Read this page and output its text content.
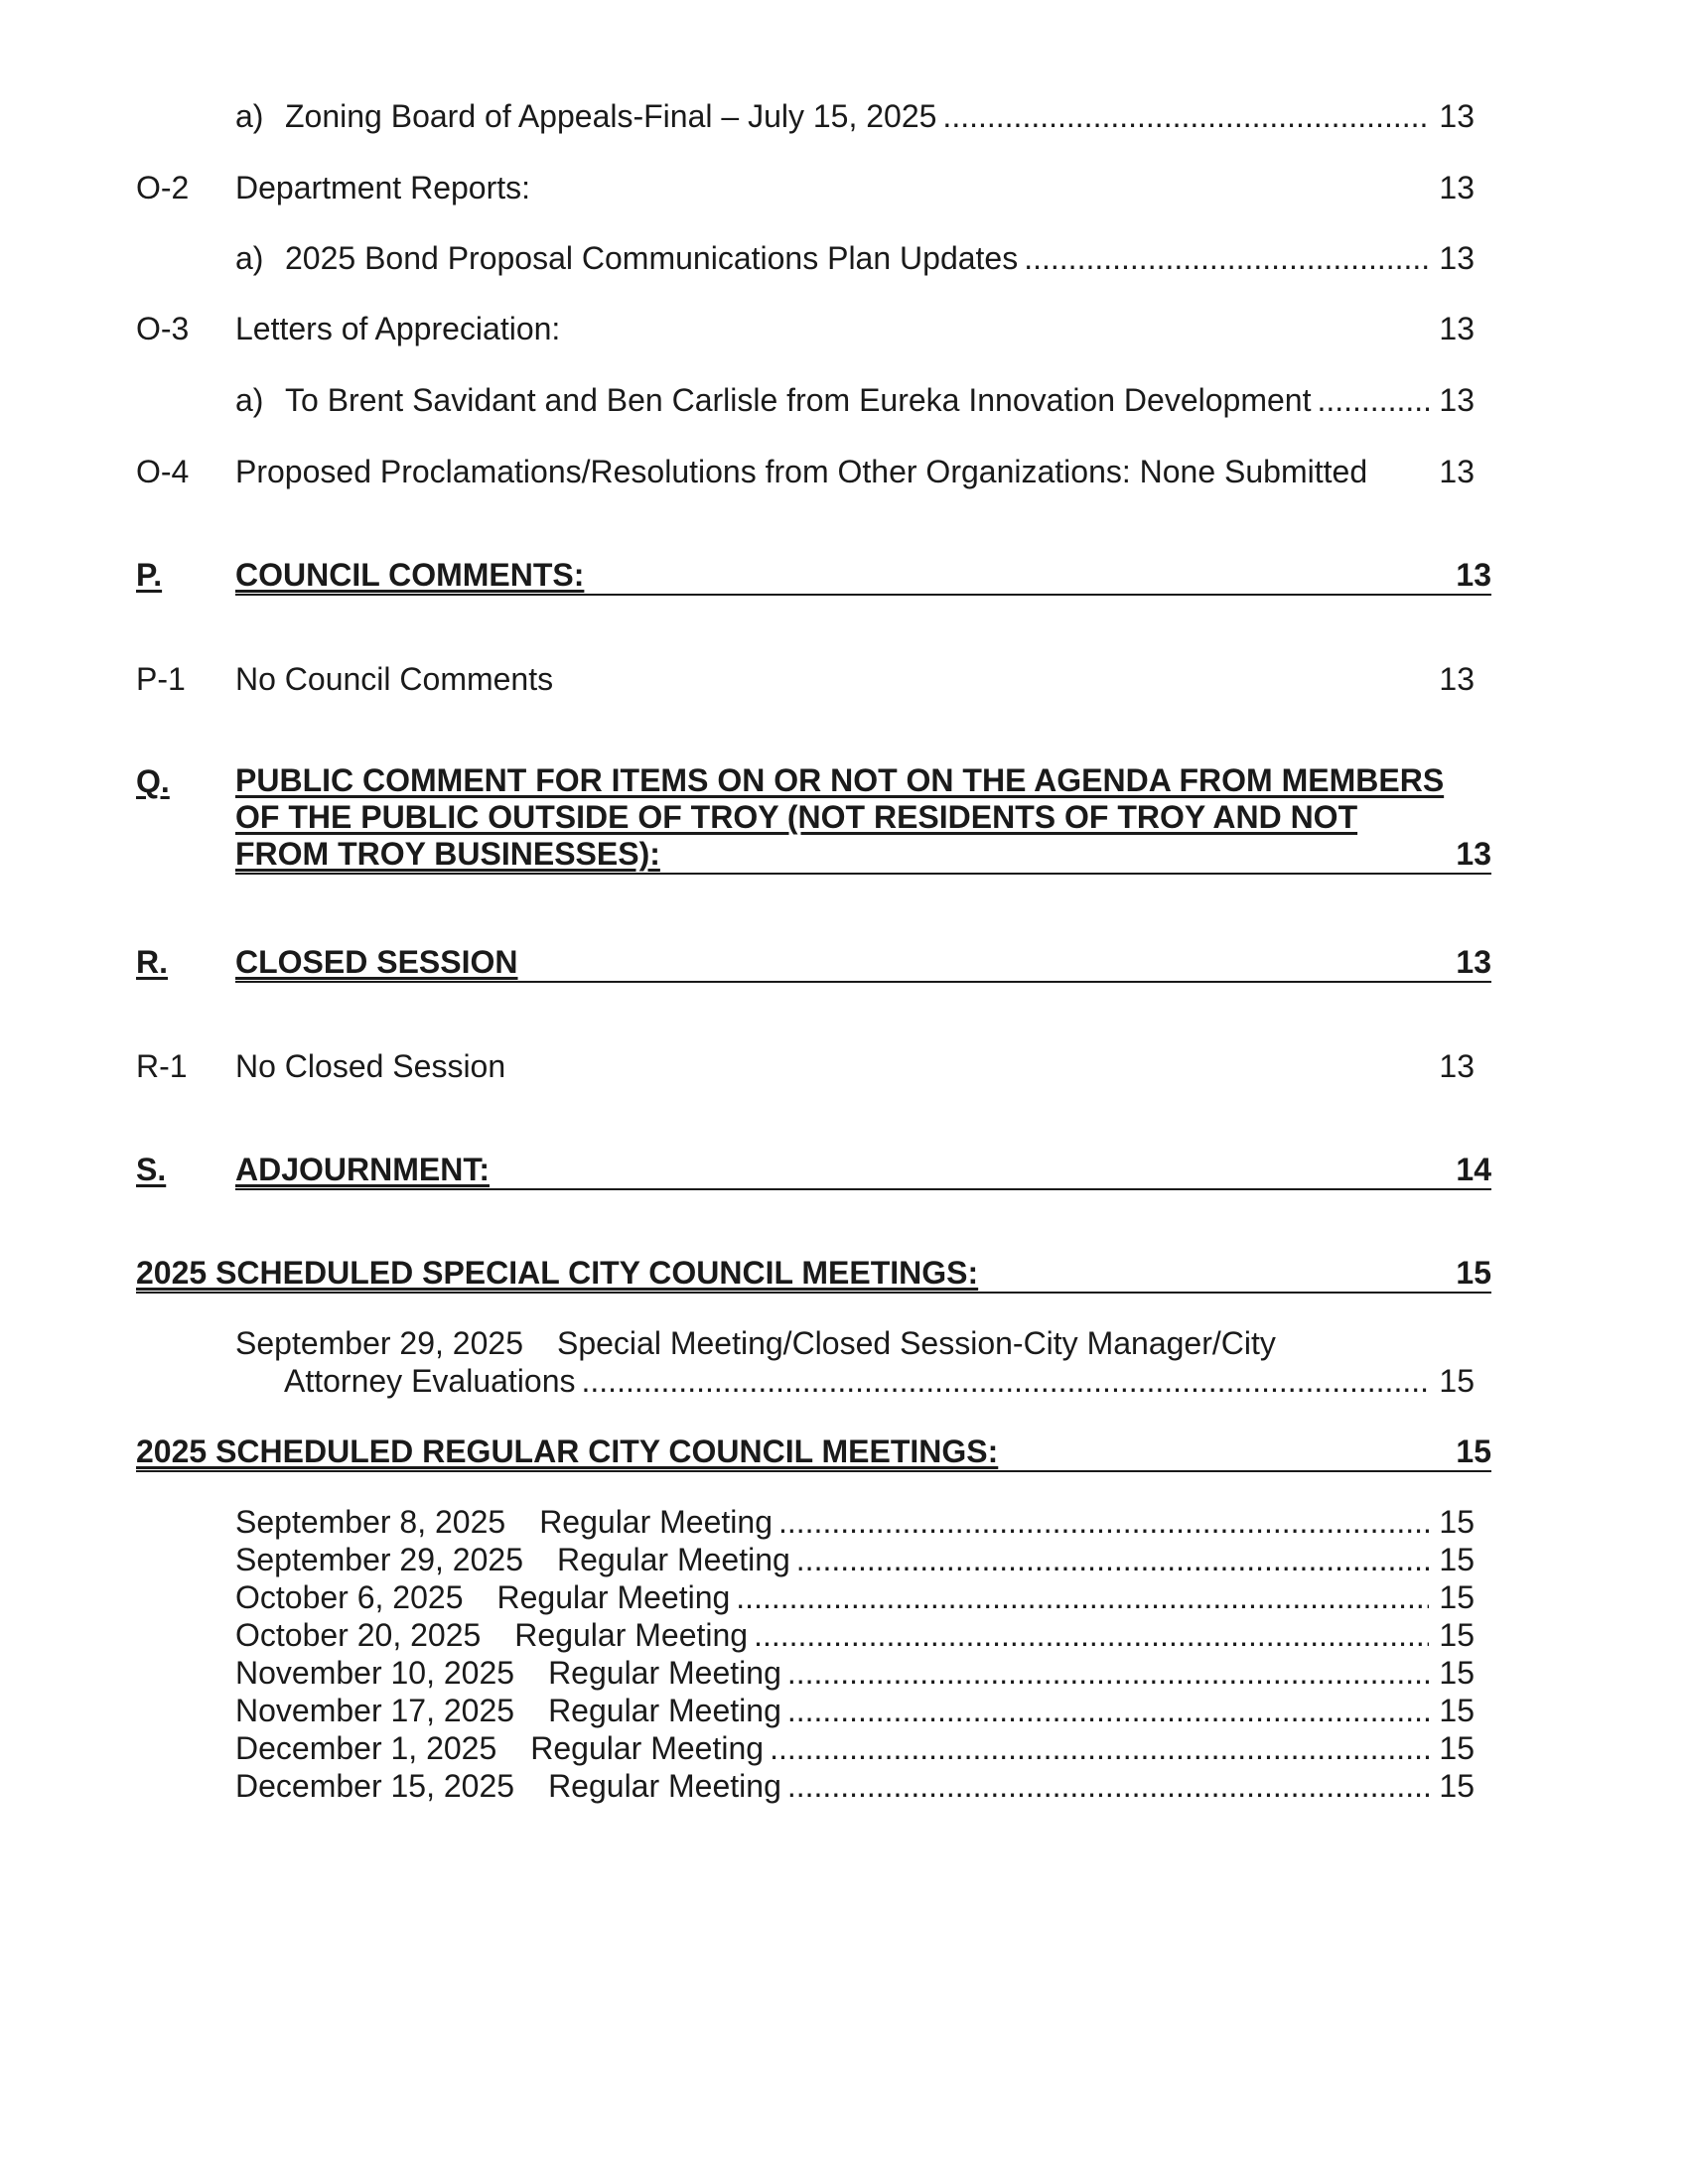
a) Zoning Board of Appeals-Final – July 15, 2025 .....	13
O-2 Department Reports:	13
a) 2025 Bond Proposal Communications Plan Updates .....	13
O-3 Letters of Appreciation:	13
a) To Brent Savidant and Ben Carlisle from Eureka Innovation Development .....	13
O-4 Proposed Proclamations/Resolutions from Other Organizations: None Submitted	13
P. COUNCIL COMMENTS:	13
P-1 No Council Comments	13
Q. PUBLIC COMMENT FOR ITEMS ON OR NOT ON THE AGENDA FROM MEMBERS OF THE PUBLIC OUTSIDE OF TROY (NOT RESIDENTS OF TROY AND NOT FROM TROY BUSINESSES):	13
R. CLOSED SESSION	13
R-1 No Closed Session	13
S. ADJOURNMENT:	14
2025 SCHEDULED SPECIAL CITY COUNCIL MEETINGS:	15
September 29, 2025 Special Meeting/Closed Session-City Manager/City
Attorney Evaluations .....	15
2025 SCHEDULED REGULAR CITY COUNCIL MEETINGS:	15
September 8, 2025 Regular Meeting .....	15
September 29, 2025 Regular Meeting .....	15
October 6, 2025 Regular Meeting .....	15
October 20, 2025 Regular Meeting .....	15
November 10, 2025 Regular Meeting .....	15
November 17, 2025 Regular Meeting .....	15
December 1, 2025 Regular Meeting .....	15
December 15, 2025 Regular Meeting .....	15
